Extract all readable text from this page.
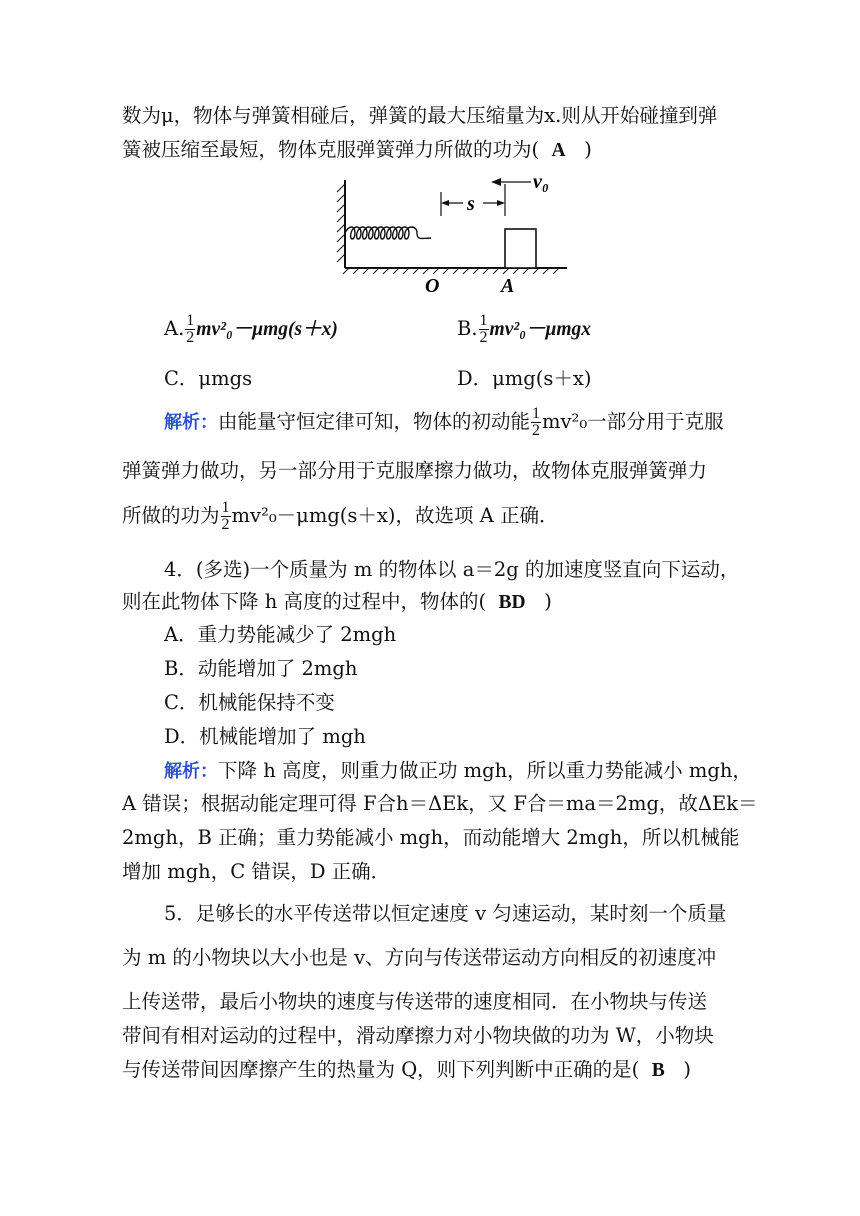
数为μ，物体与弹簧相碰后，弹簧的最大压缩量为x.则从开始碰撞到弹
簧被压缩至最短，物体克服弹簧弹力所做的功为( A )
s
v₀
O	A
A. $\frac{1}{2} mv^2_0-\mu mg(s+x)$	B. $\frac{1}{2} mv^2_0-\mu mgx$
C．μmgs	D．μmg(s＋x)
解析：由能量守恒定律可知，物体的初动能 $\frac{1}{2} mv^2_0$一部分用于克服
弹簧弹力做功，另一部分用于克服摩擦力做功，故物体克服弹簧弹力
所做的功为 $\frac{1}{2} mv^2_0-\mu mg(s+x)$，故选项 A 正确．
4．(多选)一个质量为 m 的物体以 a＝2g 的加速度竖直向下运动，
则在此物体下降 h 高度的过程中，物体的( BD )
A．重力势能减少了 2mgh
B．动能增加了 2mgh
C．机械能保持不变
D．机械能增加了 mgh
解析：下降 h 高度，则重力做正功 mgh，所以重力势能减小 mgh，
A 错误；根据动能定理可得 F合h＝ΔEk，又 F合＝ma＝2mg，故ΔEk＝
2mgh，B 正确；重力势能减小 mgh，而动能增大 2mgh，所以机械能
增加 mgh，C 错误，D 正确．
5．足够长的水平传送带以恒定速度 v 匀速运动，某时刻一个质量
为 m 的小物块以大小也是 v、方向与传送带运动方向相反的初速度冲
上传送带，最后小物块的速度与传送带的速度相同．在小物块与传送
带间有相对运动的过程中，滑动摩擦力对小物块做的功为 W，小物块
与传送带间因摩擦产生的热量为 Q，则下列判断中正确的是( B )
